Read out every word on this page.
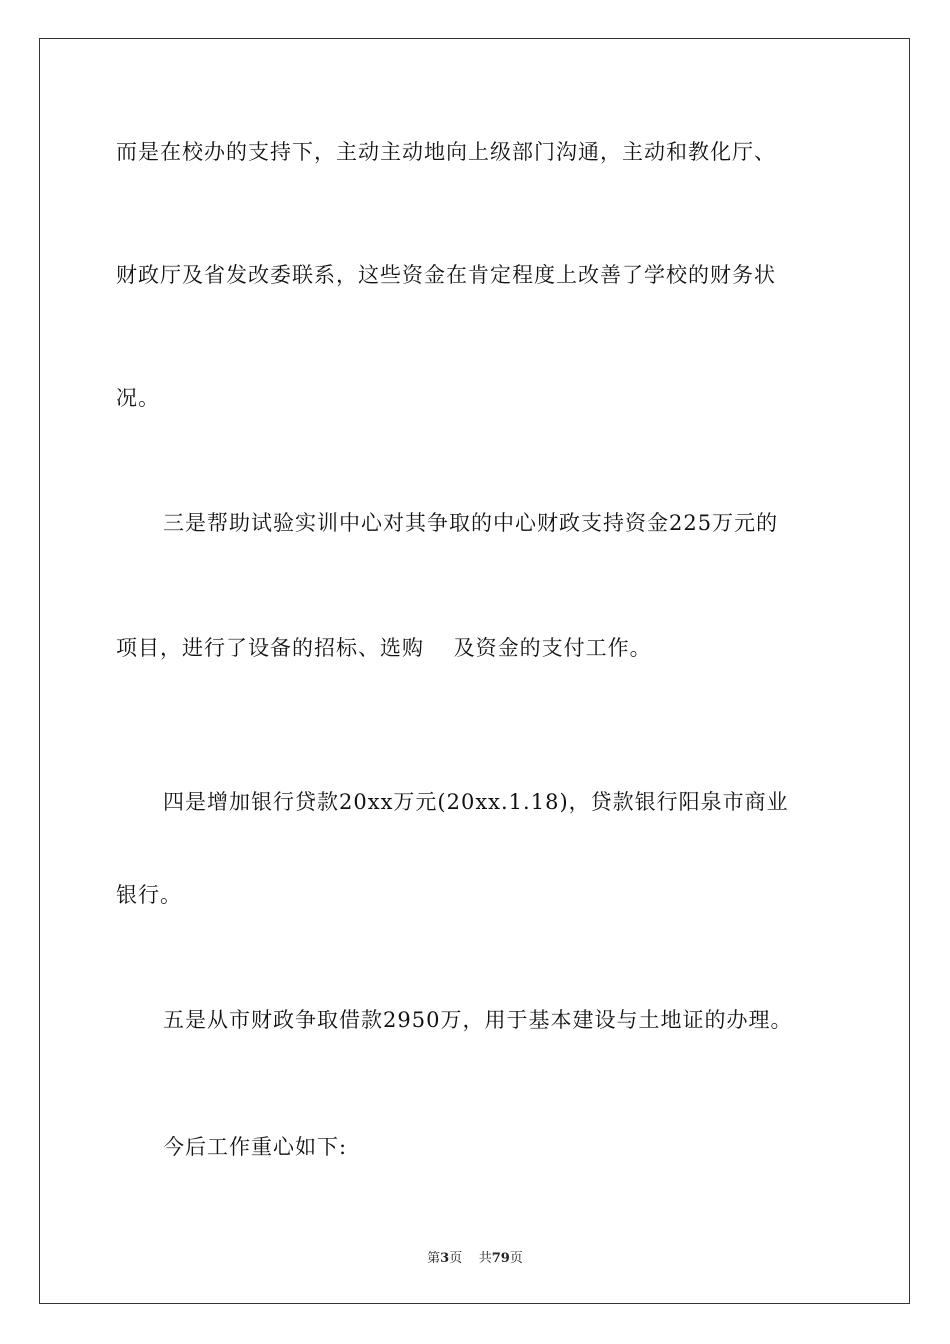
而是在校办的支持下，主动主动地向上级部门沟通，主动和教化厅、
财政厅及省发改委联系，这些资金在肯定程度上改善了学校的财务状
况。
三是帮助试验实训中心对其争取的中心财政支持资金225万元的
项目，进行了设备的招标、选购　 及资金的支付工作。
四是增加银行贷款20xx万元(20xx.1.18)，贷款银行阳泉市商业
银行。
五是从市财政争取借款2950万，用于基本建设与土地证的办理。
今后工作重心如下:
第3页 共79页
